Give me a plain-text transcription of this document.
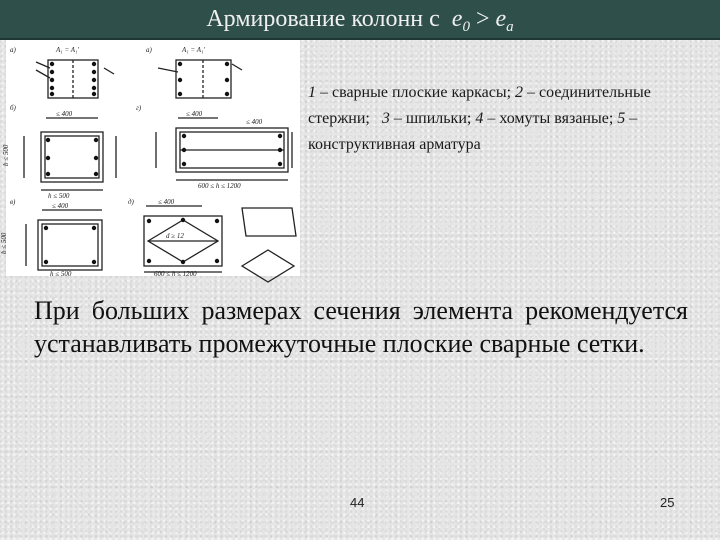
Армирование колонн с $e_0 > e_a$
а)	A₁ = A₁'	а)	A₁ = A₁'
б)
≤ 400
h ≤ 500
г)
≤ 400
≤ 400
600 ≤ h ≤ 1200
в)	≤ 400
h ≤ 500
д)	≤ 400
d ≥ 12
600 ≤ h ≤ 1200
b ≤ 500
b ≤ 500
1 – сварные плоские каркасы; 2 – соединительные стержни;   3 – шпильки; 4 – хомуты вязаные; 5 – конструктивная арматура
При больших размерах сечения элемента рекомендуется устанавливать промежуточные плоские сварные сетки.
44	25
